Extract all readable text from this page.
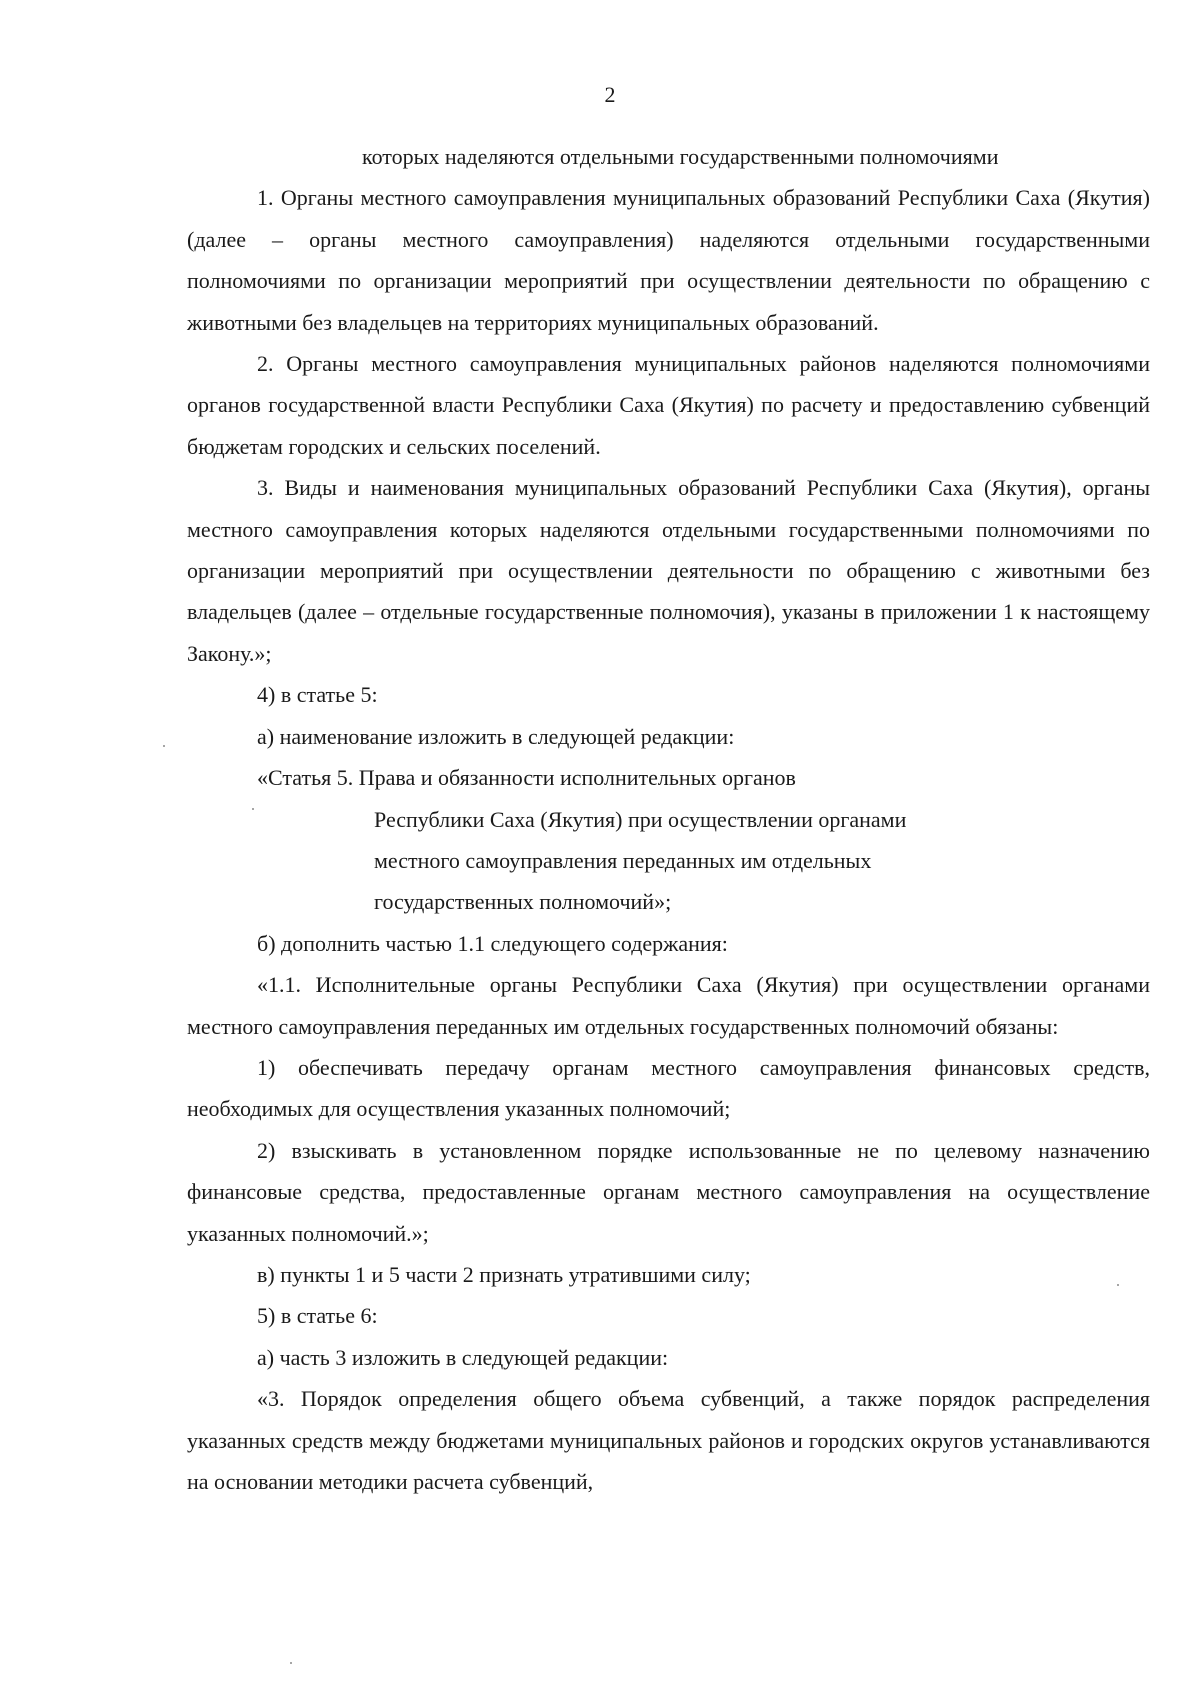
2
которых наделяются отдельными государственными полномочиями
1. Органы местного самоуправления муниципальных образований Республики Саха (Якутия) (далее – органы местного самоуправления) наделяются отдельными государственными полномочиями по организации мероприятий при осуществлении деятельности по обращению с животными без владельцев на территориях муниципальных образований.
2. Органы местного самоуправления муниципальных районов наделяются полномочиями органов государственной власти Республики Саха (Якутия) по расчету и предоставлению субвенций бюджетам городских и сельских поселений.
3. Виды и наименования муниципальных образований Республики Саха (Якутия), органы местного самоуправления которых наделяются отдельными государственными полномочиями по организации мероприятий при осуществлении деятельности по обращению с животными без владельцев (далее – отдельные государственные полномочия), указаны в приложении 1 к настоящему Закону.»;
4) в статье 5:
а) наименование изложить в следующей редакции:
«Статья 5. Права и обязанности исполнительных органов
Республики Саха (Якутия) при осуществлении органами
местного самоуправления переданных им отдельных
государственных полномочий»;
б) дополнить частью 1.1 следующего содержания:
«1.1. Исполнительные органы Республики Саха (Якутия) при осуществлении органами местного самоуправления переданных им отдельных государственных полномочий обязаны:
1) обеспечивать передачу органам местного самоуправления финансовых средств, необходимых для осуществления указанных полномочий;
2) взыскивать в установленном порядке использованные не по целевому назначению финансовые средства, предоставленные органам местного самоуправления на осуществление указанных полномочий.»;
в) пункты 1 и 5 части 2 признать утратившими силу;
5) в статье 6:
а) часть 3 изложить в следующей редакции:
«3. Порядок определения общего объема субвенций, а также порядок распределения указанных средств между бюджетами муниципальных районов и городских округов устанавливаются на основании методики расчета субвенций,
